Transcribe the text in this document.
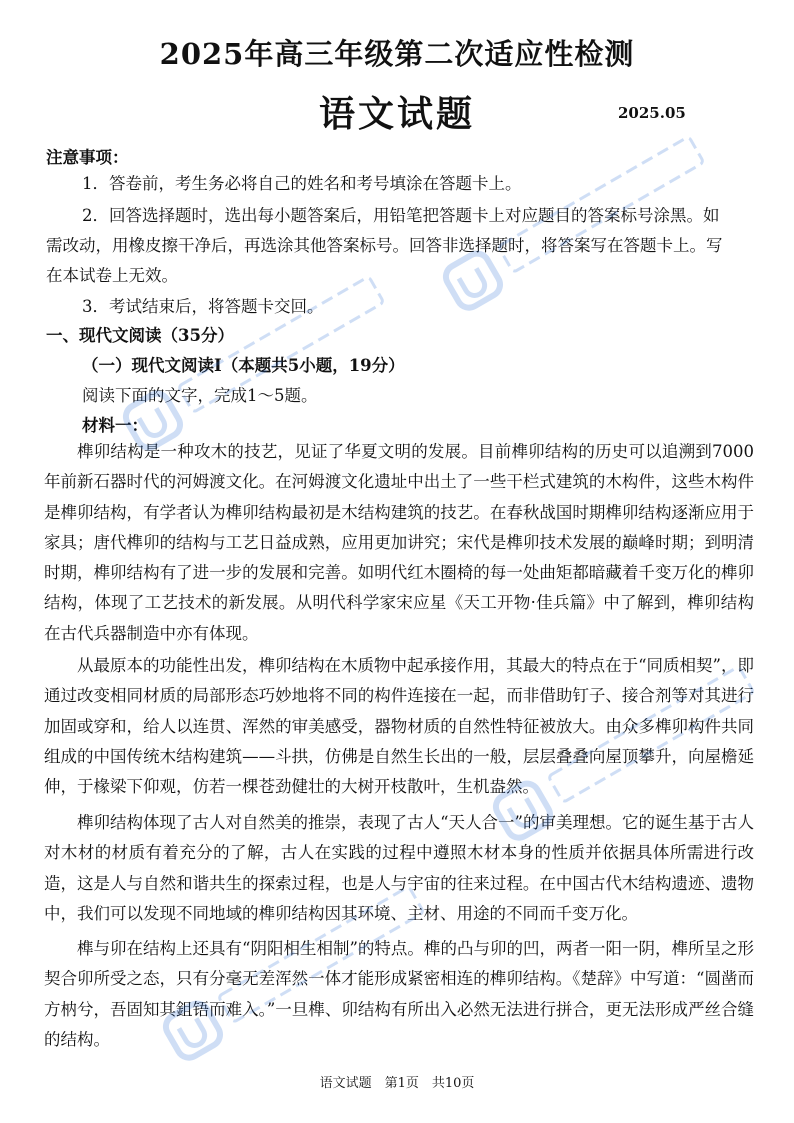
2025年高三年级第二次适应性检测
语文试题	2025.05
注意事项：
1．答卷前，考生务必将自己的姓名和考号填涂在答题卡上。
2．回答选择题时，选出每小题答案后，用铅笔把答题卡上对应题目的答案标号涂黑。如
需改动，用橡皮擦干净后，再选涂其他答案标号。回答非选择题时，将答案写在答题卡上。写
在本试卷上无效。
3．考试结束后，将答题卡交回。
一、现代文阅读（35分）
（一）现代文阅读Ⅰ（本题共5小题，19分）
阅读下面的文字，完成1～5题。
材料一：

榫卯结构是一种攻木的技艺，见证了华夏文明的发展。目前榫卯结构的历史可以追溯到7000年前新石器时代的河姆渡文化。在河姆渡文化遗址中出土了一些干栏式建筑的木构件，这些木构件是榫卯结构，有学者认为榫卯结构最初是木结构建筑的技艺。在春秋战国时期榫卯结构逐渐应用于家具；唐代榫卯的结构与工艺日益成熟，应用更加讲究；宋代是榫卯技术发展的巅峰时期；到明清时期，榫卯结构有了进一步的发展和完善。如明代红木圈椅的每一处曲矩都暗藏着千变万化的榫卯结构，体现了工艺技术的新发展。从明代科学家宋应星《天工开物·佳兵篇》中了解到，榫卯结构在古代兵器制造中亦有体现。

从最原本的功能性出发，榫卯结构在木质物中起承接作用，其最大的特点在于“同质相契”，即通过改变相同材质的局部形态巧妙地将不同的构件连接在一起，而非借助钉子、接合剂等对其进行加固或穿和，给人以连贯、浑然的审美感受，器物材质的自然性特征被放大。由众多榫卯构件共同组成的中国传统木结构建筑——斗拱，仿佛是自然生长出的一般，层层叠叠向屋顶攀升，向屋檐延伸，于椽梁下仰观，仿若一棵苍劲健壮的大树开枝散叶，生机盎然。

榫卯结构体现了古人对自然美的推崇，表现了古人“天人合一”的审美理想。它的诞生基于古人对木材的材质有着充分的了解，古人在实践的过程中遵照木材本身的性质并依据具体所需进行改造，这是人与自然和谐共生的探索过程，也是人与宇宙的往来过程。在中国古代木结构遗迹、遗物中，我们可以发现不同地域的榫卯结构因其环境、主材、用途的不同而千变万化。

榫与卯在结构上还具有“阴阳相生相制”的特点。榫的凸与卯的凹，两者一阳一阴，榫所呈之形契合卯所受之态，只有分毫无差浑然一体才能形成紧密相连的榫卯结构。《楚辞》中写道：“圆凿而方枘兮，吾固知其鉏铻而难入。”一旦榫、卯结构有所出入必然无法进行拼合，更无法形成严丝合缝的结构。

语文试题　第1页　共10页
